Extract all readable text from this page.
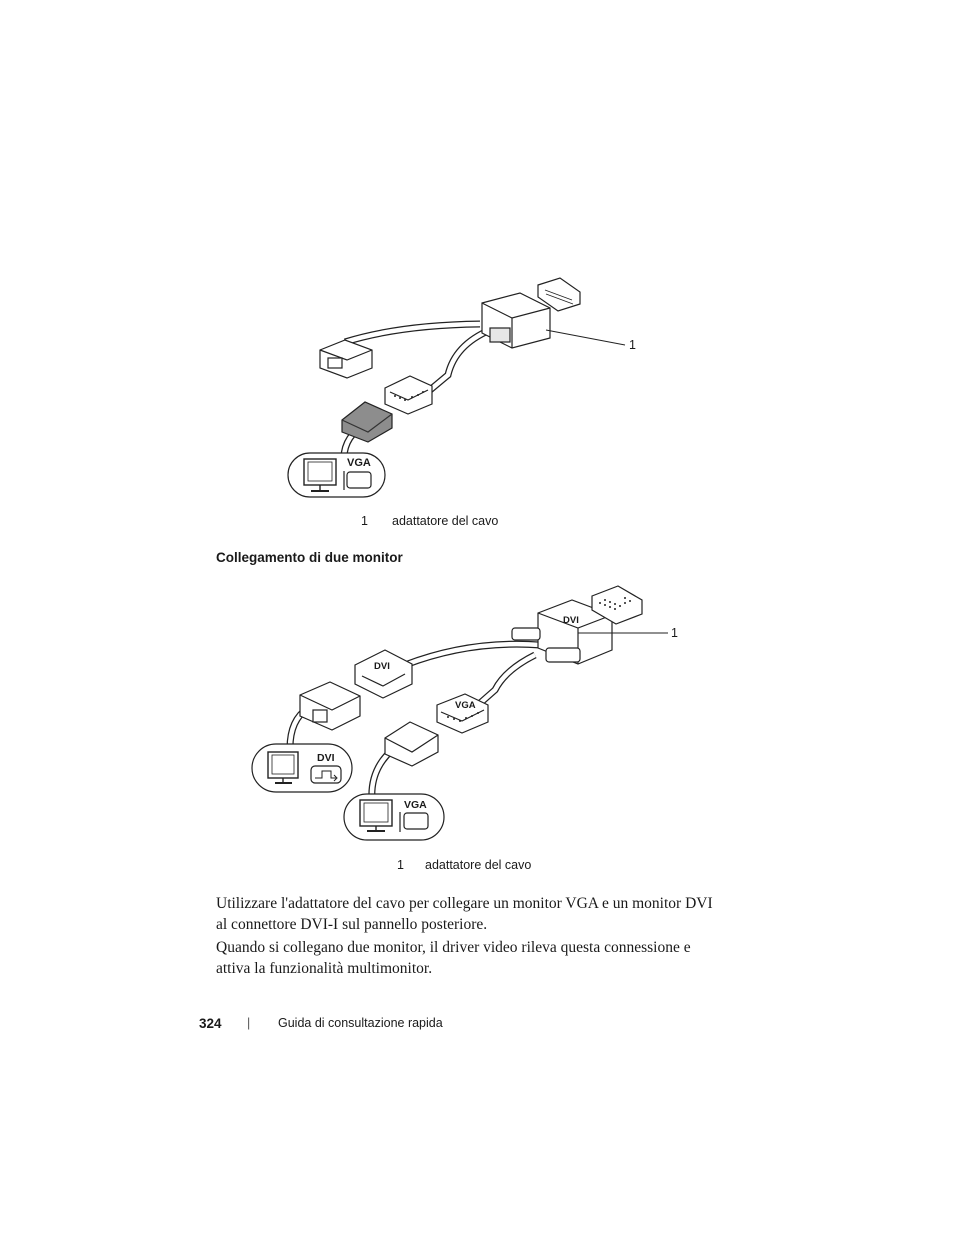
VGA
1
1 adattatore del cavo
Collegamento di due monitor
DVI
DVI
VGA
DVI
VGA
1
1 adattatore del cavo
Utilizzare l'adattatore del cavo per collegare un monitor VGA e un monitor DVI al connettore DVI-I sul pannello posteriore.
Quando si collegano due monitor, il driver video rileva questa connessione e attiva la funzionalità multimonitor.
324 | Guida di consultazione rapida
